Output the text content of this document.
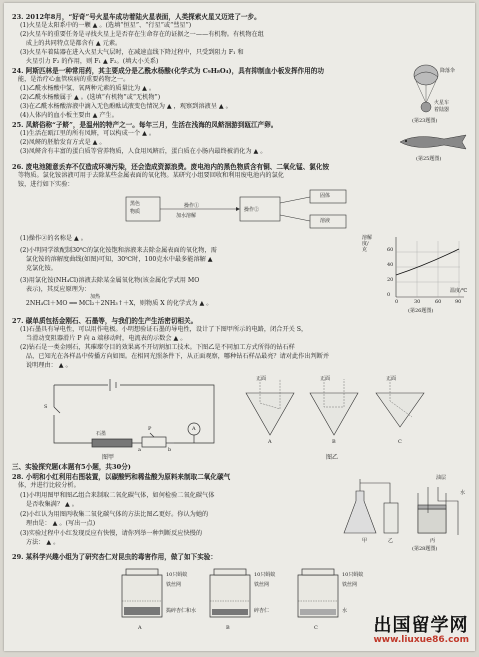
23. 2012年8月，“好奇”号火星车成功着陆火星表面，人类探索火星又迈进了一步。
(1)火星是太阳系中的一颗 ▲ 。(选填“恒星”、“行星”或“彗星”)
(2)火星车的重要任务是寻找火星上是否存在生命存在的证据之一——有机物。有机物在组
成上的共同特点是都含有 ▲ 元素。
(3)火星车着陆器在进入火星大气层时，在减速直线下降过程中，只受到阻力 F₁ 和
火星引力 F₂ 的作用，则 F₁ ▲ F₂。(填大小关系)
24. 阿斯匹林是一种常用药，其主要成分是乙酰水杨酸(化学式为 C₉H₈O₄)，具有抑制血小板发挥作用的功
能，是治疗心血管疾病的重要药物之一。
(1)乙酰水杨酸中氢、氧两种元素的质量比为 ▲ 。
(2)乙酰水杨酸属于 ▲ 。(选填“有机物”或“无机物”)
(3)在乙酰水杨酸溶液中滴入无色酚酞试液变色情况为 ▲ ，观察到溶液呈 ▲ 。
(4)人体内的血小板主要由 ▲ 产生。
25. 凤鲚俗称“子鲚”，是温州的特产之一。每年三月，生活在浅海的凤鲚洄游到瓯江产卵。
(1)生活在瓯江里的所有凤鲚，可以构成一个 ▲ 。
(2)凤鲚的胚胎发育方式是 ▲ 。
(3)凤鲚含有丰富的蛋白质等营养物质，人食用凤鲚后，蛋白质在小肠内最终被消化为 ▲ 。
26. 废电池随意丢弃不仅造成环境污染，还会造成资源浪费。废电池内的黑色物质含有铜、二氧化锰、氯化铵
等物质。氯化铵溶液可用于去除某些金属表面的氧化物。某研究小组要回收和利用废电池内的氯化
铵，进行如下实验：
(1)操作②的名称是 ▲ 。
(2)小明同学欲配制30℃的氯化铵饱和溶液来去除金属表面的氧化物，需
氯化铵的溶解度曲线(如图)可知，30℃时，100克水中最多能溶解 ▲
克氯化铵。
(3)用氯化铵(NH₄Cl)溶液去除某金属氧化物(该金属化学式用 MO
表示)，其反应原理为：
2NH₄Cl＋MO ══ MCl₂＋2NH₃↑＋X，则物质 X 的化学式为 ▲ 。
27. 碳单质包括金刚石、石墨等，与我们的生产生活密切相关。
(1)石墨具有导电性，可以用作电极。小明想验证石墨的导电性，设计了下图甲所示的电路，闭合开关 S，
当滑动变阻器滑片 P 向 a 端移动时，电流表的示数会 ▲ 。
(2)钻石是一类金刚石，其璀璨夺目的效果离不开切割加工技术。下图乙是不同加工方式所得的钻石样
品，已知光在各样品中传播方向如图。在相同光照条件下，从正面观察，哪种钻石样品最亮？请对此作出判断并
说明理由： ▲ 。
三、实验探究题(本题有5小题，共30分)
28. 小明和小红利用右图装置，以碳酸钙和稀盐酸为原料来制取二氧化碳气
体，并进行比较分析。
(1)小明用图甲和图乙组合来制取二氧化碳气体，如何检验二氧化碳气体
是否收集满？ ▲ 。
(2)小红认为用图丙收集二氧化碳气体的方法比图乙更好。你认为她的
理由是： ▲ 。(写出一点)
(3)实验过程中小红发现反应有快慢，请你列举一种判断反应快慢的
方法： ▲ 。
29. 某科学兴趣小组为了研究杏仁对昆虫的毒害作用，做了如下实验：
降落伞
火星车
着陆器
(第23题图)
(第25题图)
黑色
物质
操作①
加水溶解
操作②
固体
溶液
溶解度/克
0
20
40
60
0	30	60	90
温度/℃
(第26题图)
加热
S
石墨
P
a	b
A
图甲
正面	正面	正面
A	B	C
图乙
油层
水
甲	乙	丙
(第28题图)
10只蚂蚁
铁丝网
捣碎杏仁和水
10只蚂蚁
铁丝网
碎杏仁
10只蚂蚁
铁丝网
水
A	B	C	出国留学网
www.liuxue86.com
